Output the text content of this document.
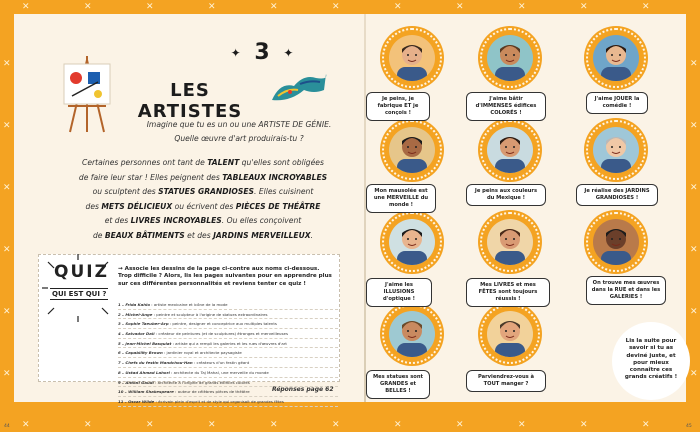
✕
✕
✕
✕
✕
✕
✕
✕
✕
✕
✕
✕
✕
✕
✕
✕
✕
✕
✕
✕
✕
✕
✕	✕
✕	✕
✕	✕
✕	✕
✕	✕
✕	✕
✦ 3 ✦
LES ARTISTES
Imagine que tu es un ou une ARTISTE DE GÉNIE.
Quelle œuvre d'art produirais-tu ?
Certaines personnes ont tant de TALENT qu'elles sont obligées
de faire leur star ! Elles peignent des TABLEAUX INCROYABLES
ou sculptent des STATUES GRANDIOSES. Elles cuisinent
des METS DÉLICIEUX ou écrivent des PIÈCES DE THÉÂTRE
et des LIVRES INCROYABLES. Ou elles conçoivent
de BEAUX BÂTIMENTS et des JARDINS MERVEILLEUX.
QUIZ
QUI EST QUI ?
→ Associe les dessins de la page ci-contre aux noms ci-dessous. Trop difficile ? Alors, lis les pages suivantes pour en apprendre plus sur ces différentes personnalités et reviens tenter ce quiz !
1 – Frida Kahlo : artiste mexicaine et icône de la mode
2 – Michel-Ange : peintre et sculpteur à l'origine de statues extraordinaires
3 – Sophie Taeuber-Arp : peintre, designer et conceptrice aux multiples talents
4 – Salvador Dalí : créateur de peintures (et de sculptures) étranges et merveilleuses
5 – Jean-Michel Basquiat : artiste qui a rempli les galeries et les rues d'œuvres d'art
6 – Capability Brown : jardinier royal et architecte paysagiste
7 – Chefs du festin Mandchou-Han : créateurs d'un festin géant
8 – Ustad Ahmad Lahori : architecte du Taj Mahal, une merveille du monde
9 – Antoni Gaudí : architecte à l'origine de grands édifices colorés
10 – William Shakespeare : auteur de célèbres pièces de théâtre
11 – Oscar Wilde : écrivain plein d'esprit et de style qui organisait de grandes fêtes
Réponses page 62
Je peins, je fabrique ET je conçois !
J'aime bâtir d'IMMENSES édifices COLORÉS !
J'aime JOUER la comédie !
Mon mausolée est une MERVEILLE du monde !
Je peins aux couleurs du Mexique !
Je réalise des JARDINS GRANDIOSES !
J'aime les ILLUSIONS d'optique !
Mes LIVRES et mes FÊTES sont toujours réussis !
On trouve mes œuvres dans la RUE et dans les GALERIES !
Mes statues sont GRANDES et BELLES !
Parviendrez-vous à TOUT manger ?
44	45
Lis la suite pour savoir si tu as deviné juste, et pour mieux connaître ces grands créatifs !
